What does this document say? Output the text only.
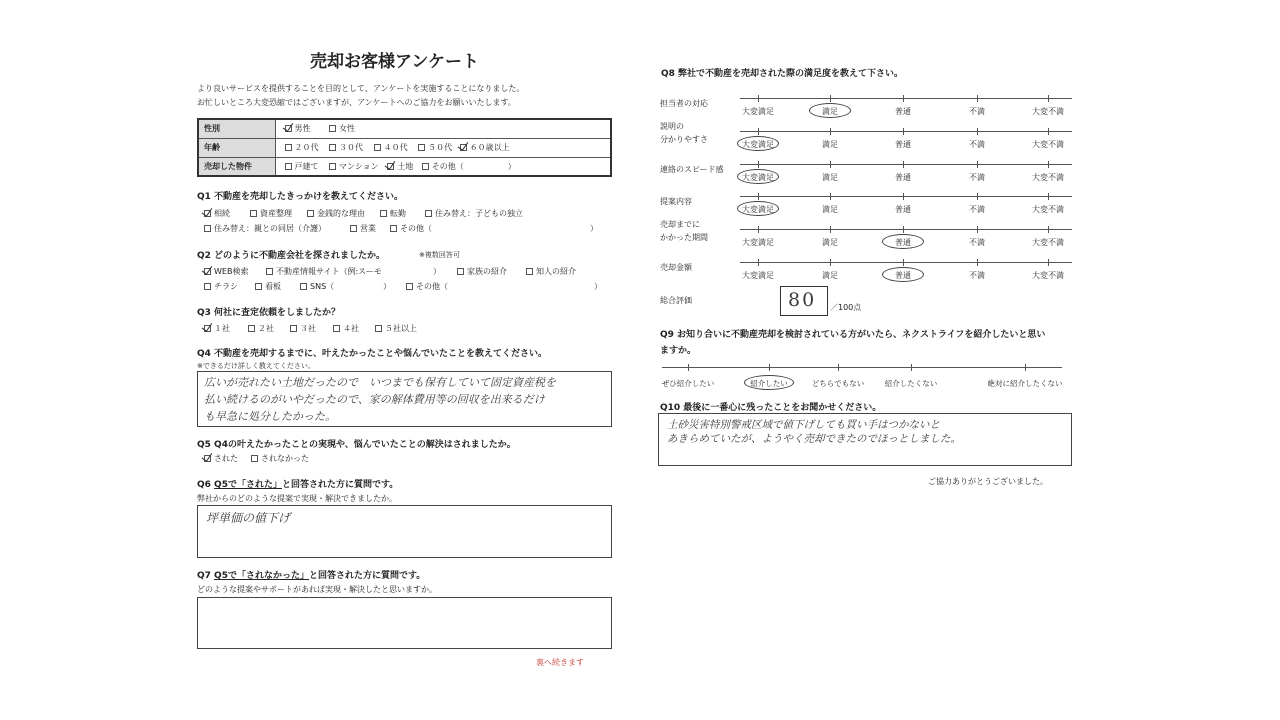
売却お客様アンケート
より良いサービスを提供することを目的として、アンケートを実施することになりました。
お忙しいところ大変恐縮ではございますが、アンケートへのご協力をお願いいたします。
性別	男性 女性
年齢	２０代 ３０代 ４０代 ５０代 ６０歳以上
売却した物件	戸建て マンション 土地 その他（ ）
Q1 不動産を売却したきっかけを教えてください。
相続	資産整理	金銭的な理由	転勤	住み替え：子どもの独立
住み替え：親との同居（介護）	営業	その他（	）
Q2 どのように不動産会社を探されましたか。	※複数回答可
WEB検索	不動産情報サイト（例:スーモ	）	家族の紹介	知人の紹介
チラシ	看板	SNS（	）	その他（	）
Q3 何社に査定依頼をしましたか？
１社	２社	３社	４社	５社以上
Q4 不動産を売却するまでに、叶えたかったことや悩んでいたことを教えてください。
※できるだけ詳しく教えてください。
広いが売れたい土地だったので　いつまでも保有していて固定資産税を
払い続けるのがいやだったので、家の解体費用等の回収を出来るだけ
も早急に処分したかった。
Q5 Q4の叶えたかったことの実現や、悩んでいたことの解決はされましたか。
された	されなかった
Q6 Q5で「された」と回答された方に質問です。
弊社からのどのような提案で実現・解決できましたか。
坪単価の値下げ
Q7 Q5で「されなかった」と回答された方に質問です。
どのような提案やサポートがあれば実現・解決したと思いますか。
裏へ続きます
Q8 弊社で不動産を売却された際の満足度を教えて下さい。
担当者の対応
大変満足	満足	普通	不満	大変不満
説明の
分かりやすさ
大変満足	満足	普通	不満	大変不満
連絡のスピード感
大変満足	満足	普通	不満	大変不満
提案内容
大変満足	満足	普通	不満	大変不満
売却までに
かかった期間
大変満足	満足	普通	不満	大変不満
売却金額
大変満足	満足	普通	不満	大変不満
総合評価	80 ／100点
Q9 お知り合いに不動産売却を検討されている方がいたら、ネクストライフを紹介したいと思い
ますか。
ぜひ紹介したい	紹介したい	どちらでもない	紹介したくない	絶対に紹介したくない
Q10 最後に一番心に残ったことをお聞かせください。
土砂災害特別警戒区域で値下げしても買い手はつかないと
あきらめていたが、ようやく売却できたのでほっとしました。
ご協力ありがとうございました。
